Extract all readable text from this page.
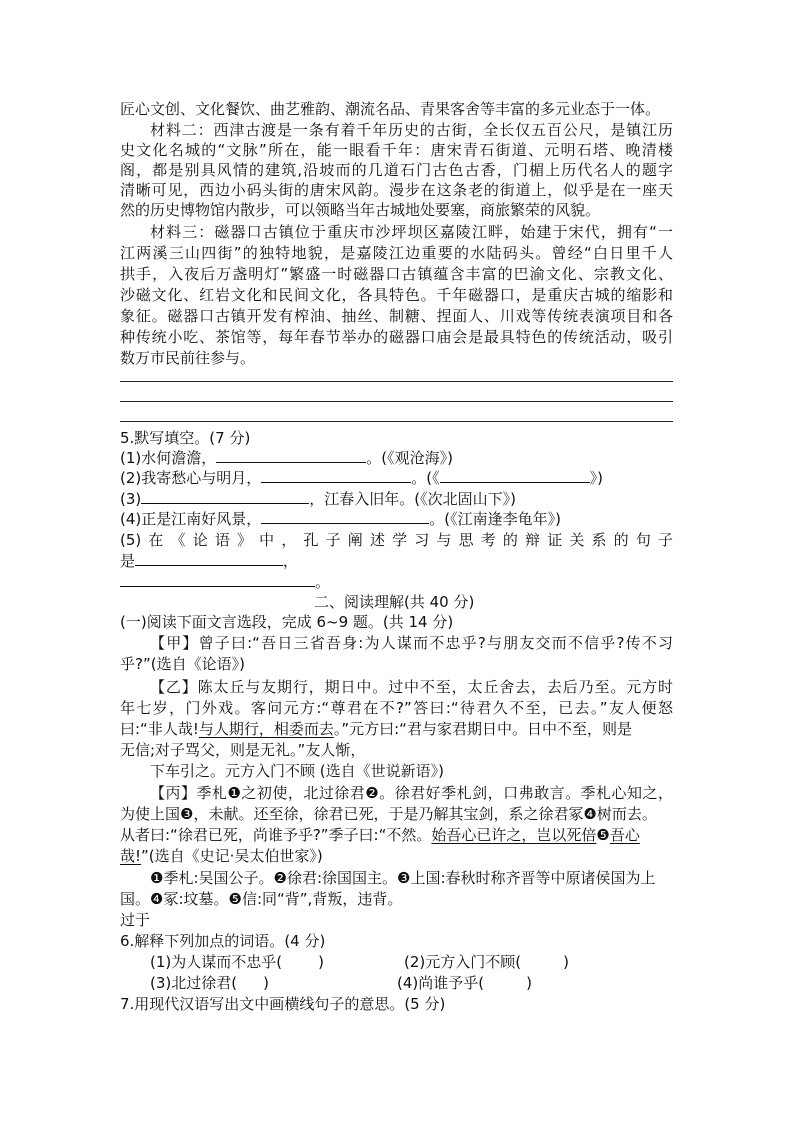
匠心文创、文化餐饮、曲艺雅韵、潮流名品、青果客舍等丰富的多元业态于一体。
材料二：西津古渡是一条有着千年历史的古街，全长仅五百公尺，是镇江历
史文化名城的“文脉”所在，能一眼看千年：唐宋青石街道、元明石塔、晚清楼
阁，都是别具风情的建筑,沿坡而的几道石门古色古香，门楣上历代名人的题字
清晰可见，西边小码头街的唐宋风韵。漫步在这条老的街道上，似乎是在一座天
然的历史博物馆内散步，可以领略当年古城地处要塞，商旅繁荣的风貌。
材料三：磁器口古镇位于重庆市沙坪坝区嘉陵江畔，始建于宋代，拥有“一
江两溪三山四街”的独特地貌，是嘉陵江边重要的水陆码头。曾经“白日里千人
拱手，入夜后万盏明灯”繁盛一时磁器口古镇蕴含丰富的巴渝文化、宗教文化、
沙磁文化、红岩文化和民间文化，各具特色。千年磁器口，是重庆古城的缩影和
象征。磁器口古镇开发有榨油、抽丝、制糖、捏面人、川戏等传统表演项目和各
种传统小吃、茶馆等，每年春节举办的磁器口庙会是最具特色的传统活动，吸引
数万市民前往参与。
5.默写填空。(7 分)
(1)水何澹澹，	。(《观沧海》)
(2)我寄愁心与明月，	。(《	》)
(3)	，江春入旧年。(《次北固山下》)
(4)正是江南好风景，	。(《江南逢李龟年》)
(5)在《论语》中，孔子阐述学习与思考的辩证关系的句子
是	，
。
二、阅读理解(共 40 分)
(一)阅读下面文言选段，完成 6~9 题。(共 14 分)
【甲】曾子曰:“吾日三省吾身:为人谋而不忠乎?与朋友交而不信乎?传不习
乎?”(选自《论语》)
【乙】陈太丘与友期行，期日中。过中不至，太丘舍去，去后乃至。元方时
年七岁，门外戏。客问元方:“尊君在不?”答曰:“待君久不至，已去。”友人便怒
曰:“非人哉!与人期行，相委而去。”元方曰:“君与家君期日中。日中不至，则是
无信;对子骂父，则是无礼。”友人惭，
下车引之。元方入门不顾 (选自《世说新语》)
【丙】季札❶之初使，北过徐君❷。徐君好季札剑，口弗敢言。季札心知之，
为使上国❸，未献。还至徐，徐君已死，于是乃解其宝剑，系之徐君冢❹树而去。
从者曰:“徐君已死，尚谁予乎?”季子曰:“不然。始吾心已许之，岂以死倍❺吾心
哉!”(选自《史记·吴太伯世家》)
❶季札:吴国公子。❷徐君:徐国国主。❸上国:春秋时称齐晋等中原诸侯国为上
国。❹冢:坟墓。❺信:同“背”,背叛，违背。
过于
6.解释下列加点的词语。(4 分)
(1)为人谋而不忠乎( )	(2)元方入门不顾(	)
(3)北过徐君( )	(4)尚谁予乎(	)
7.用现代汉语写出文中画横线句子的意思。(5 分)
